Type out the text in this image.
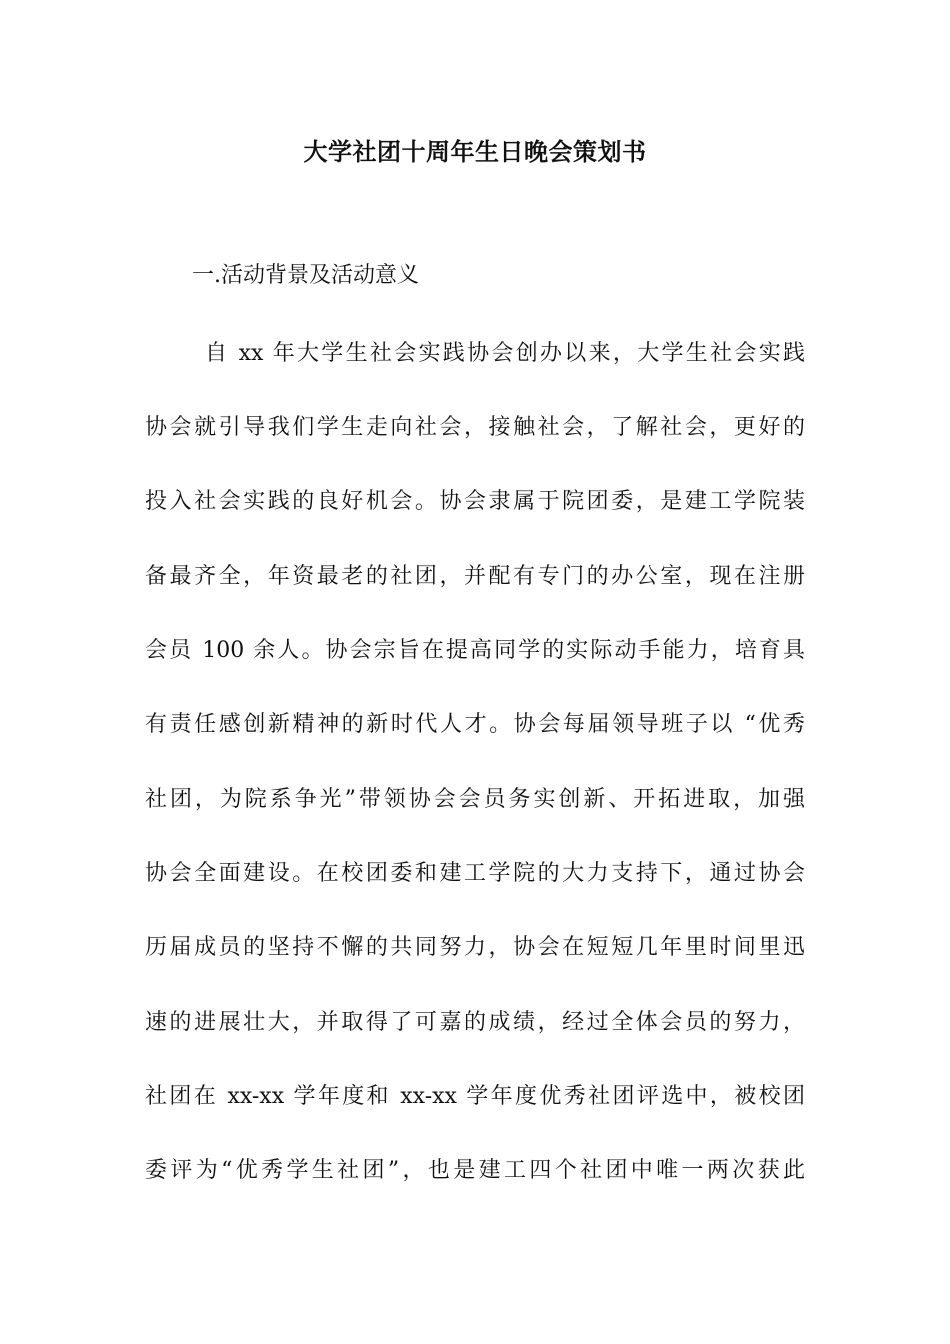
大学社团十周年生日晚会策划书

一.活动背景及活动意义

自 xx 年大学生社会实践协会创办以来，大学生社会实践

协会就引导我们学生走向社会，接触社会，了解社会，更好的

投入社会实践的良好机会。协会隶属于院团委，是建工学院装

备最齐全，年资最老的社团，并配有专门的办公室，现在注册

会员 100 余人。协会宗旨在提高同学的实际动手能力，培育具

有责任感创新精神的新时代人才。协会每届领导班子以 “优秀

社团，为院系争光”带领协会会员务实创新、开拓进取，加强

协会全面建设。在校团委和建工学院的大力支持下，通过协会

历届成员的坚持不懈的共同努力，协会在短短几年里时间里迅

速的进展壮大，并取得了可嘉的成绩，经过全体会员的努力，

社团在 xx-xx 学年度和 xx-xx 学年度优秀社团评选中，被校团

委评为“优秀学生社团”，也是建工四个社团中唯一两次获此
